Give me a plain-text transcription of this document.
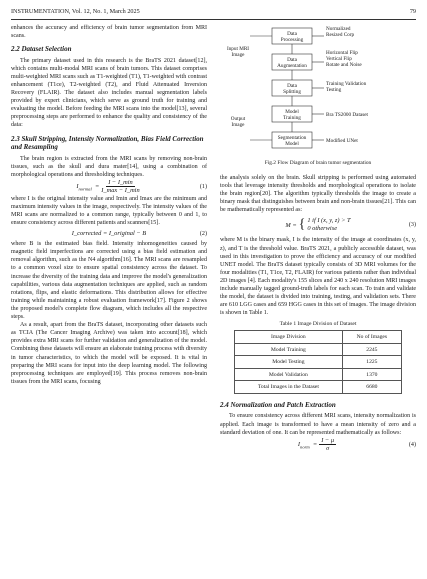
INSTRUMENTATION, Vol. 12, No. 1, March 2025	79

enhances the accuracy and efficiency of brain tumor segmentation from MRI scans.

2.2 Dataset Selection

The primary dataset used in this research is the BraTS 2021 dataset[12], which contains multi-modal MRI scans of brain tumors. This dataset comprises multi-weighted MRI scans such as T1-weighted (T1), T1-weighted with contrast enhancement (T1ce), T2-weighted (T2), and Fluid Attenuated Inversion Recovery (FLAIR). The dataset also includes manual segmentation labels provided by expert clinicians, which serve as ground truth for training and evaluating the model. Before feeding the MRI scans into the model[13], several preprocessing steps are performed to enhance the quality and consistency of the data:

2.3 Skull Stripping, Intensity Normalization, Bias Field Correction and Resampling

The brain region is extracted from the MRI scans by removing non-brain tissues, such as the skull and dura mater[14], using a combination of morphological operations and thresholding techniques.

$I_{normal} = \frac{I - I\_\min}{I\_\max - I\_\min}$	(1)

where I is the original intensity value and Imin and Imax are the minimum and maximum intensity values in the image, respectively. The intensity values of the MRI scans are normalized to a common range, typically between 0 and 1, to ensure consistency across different patients and scanners[15].

I_corrected = I_original − B	(2)

where B is the estimated bias field. Intensity inhomogeneities caused by magnetic field imperfections are corrected using a bias field estimation and removal algorithm, such as the N4 algorithm[16]. The MRI scans are resampled to a common voxel size to ensure spatial consistency across the dataset. To increase the diversity of the training data and improve the model's generalization capabilities, various data augmentation techniques are applied, such as random rotations, flips, and elastic deformations. This distribution allows for effective training while maintaining a robust evaluation framework[17]. Figure 2 shows the proposed model's complete flow diagram, which includes all the respective steps.

As a result, apart from the BraTS dataset, incorporating other datasets such as TCIA (The Cancer Imaging Archive) was taken into account[18], which provides extra MRI scans for further validation and generalization of the model. Combining these datasets will ensure an elaborate training process with diversity in tumor characteristics, to which the model will be exposed. It is vital in preparing the MRI scans for input into the deep learning model. The following preprocessing techniques are employed[19]. This process removes non-brain tissues from the MRI scans, focusing

Data Processing
Data Augmentation
Data Splitting
Model Training
Segmentation Model
Input MRI Image
Output Image
Normalized Resized Corp
Horizontal Flip Vertical Flip Rotate and Noise
Training Validation Testing
Bra TS2000 Dataset
Modified UNet
Fig.2 Flow Diagram of brain tumor segmentation

the analysis solely on the brain. Skull stripping is performed using automated tools that leverage intensity thresholds and morphological operations to isolate the brain region[20]. The algorithm typically thresholds the image to create a binary mask that distinguishes between brain and non-brain tissues[21]. This can be mathematically represented as:

M = { 1 if I (x, y, z) > T
0 otherwise	(3)

where M is the binary mask, I is the intensity of the image at coordinates (x, y, z), and T is the threshold value. BraTS 2021, a publicly accessible dataset, was used in this investigation to prove the efficiency and accuracy of our modified UNET model. The BraTS dataset typically consists of 3D MRI volumes for the four modalities (T1, T1ce, T2, FLAIR) for various patients rather than individual 2D images [4]. Each modality's 155 slices and 240 x 240 resolution MRI images include manually tagged ground-truth labels for each scan. To train and validate the model, the dataset is divided into training, testing, and validation sets. There are 610 LGG cases and 659 HGG cases in this set of images. The image division is shown in Table 1.

Table 1 Image Division of Dataset
Image Division	No of Images
Model Training	2245
Model Testing	1225
Model Validation	1370
Total Images in the Dataset	6680
2.4 Normalization and Patch Extraction

To ensure consistency across different MRI scans, intensity normalization is applied. Each image is transformed to have a mean intensity of zero and a standard deviation of one. It can be represented mathematically as follows:

$I_{norm} = \frac{I - \mu}{\sigma}$	(4)
